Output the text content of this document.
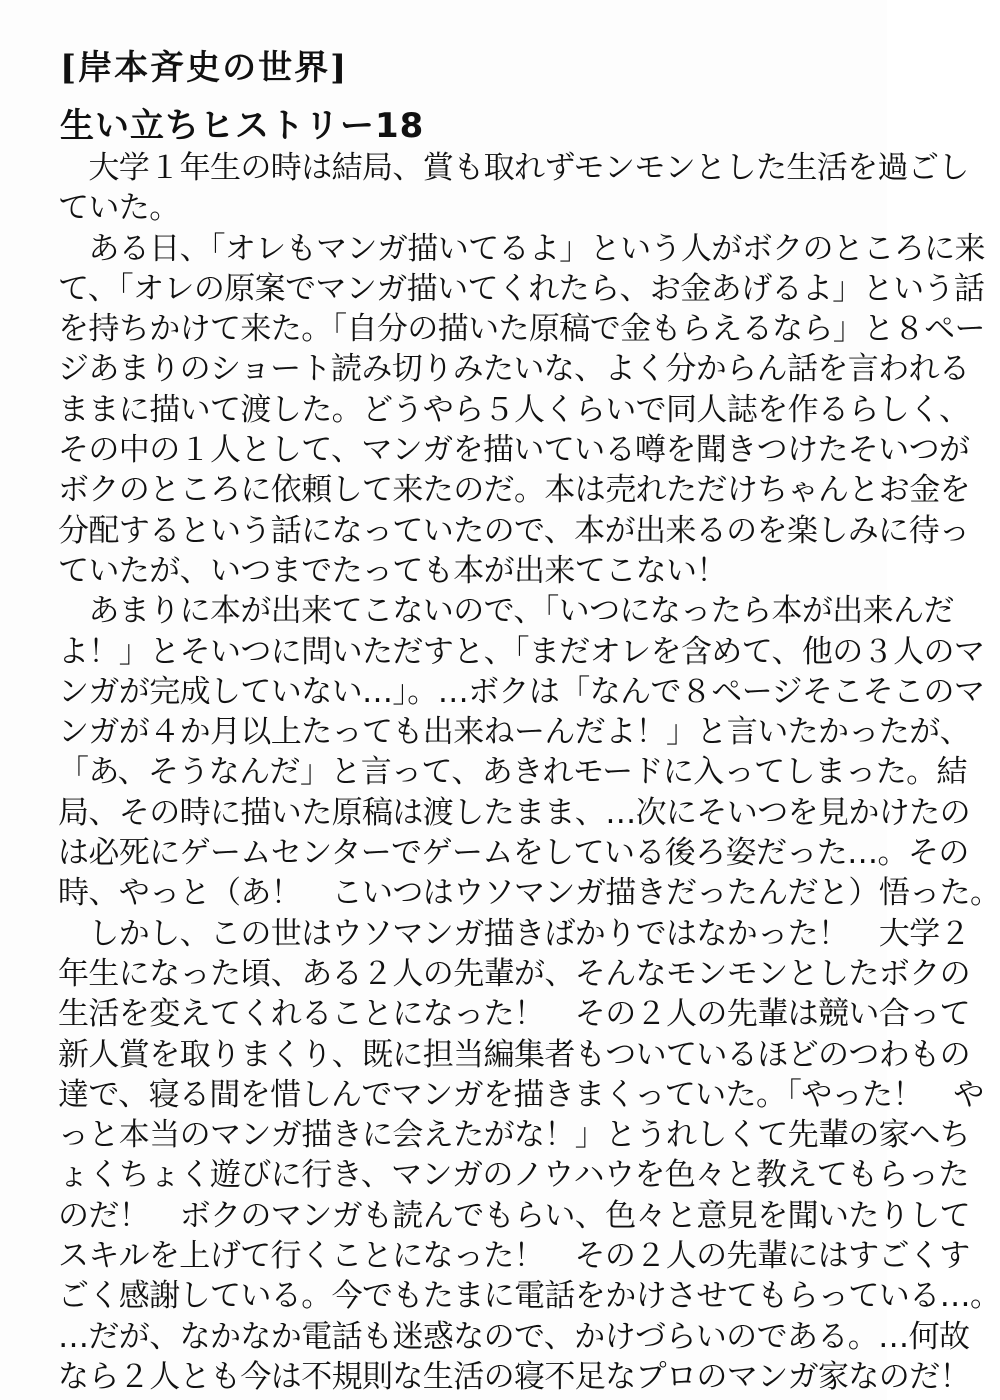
[岸本斉史の世界]
生い立ちヒストリー18
　大学１年生の時は結局、賞も取れずモンモンとした生活を過ごし
ていた。
　ある日、「オレもマンガ描いてるよ」という人がボクのところに来
て、「オレの原案でマンガ描いてくれたら、お金あげるよ」という話
を持ちかけて来た。「自分の描いた原稿で金もらえるなら」と８ペー
ジあまりのショート読み切りみたいな、よく分からん話を言われる
ままに描いて渡した。どうやら５人くらいで同人誌を作るらしく、
その中の１人として、マンガを描いている噂を聞きつけたそいつが
ボクのところに依頼して来たのだ。本は売れただけちゃんとお金を
分配するという話になっていたので、本が出来るのを楽しみに待っ
ていたが、いつまでたっても本が出来てこない！
　あまりに本が出来てこないので、「いつになったら本が出来んだ
よ！」とそいつに問いただすと、「まだオレを含めて、他の３人のマ
ンガが完成していない…」。…ボクは「なんで８ページそこそこのマ
ンガが４か月以上たっても出来ねーんだよ！」と言いたかったが、
「あ、そうなんだ」と言って、あきれモードに入ってしまった。結
局、その時に描いた原稿は渡したまま、…次にそいつを見かけたの
は必死にゲームセンターでゲームをしている後ろ姿だった…。その
時、やっと（あ！　こいつはウソマンガ描きだったんだと）悟った。
　しかし、この世はウソマンガ描きばかりではなかった！　大学２
年生になった頃、ある２人の先輩が、そんなモンモンとしたボクの
生活を変えてくれることになった！　その２人の先輩は競い合って
新人賞を取りまくり、既に担当編集者もついているほどのつわもの
達で、寝る間を惜しんでマンガを描きまくっていた。「やった！　や
っと本当のマンガ描きに会えたがな！」とうれしくて先輩の家へち
ょくちょく遊びに行き、マンガのノウハウを色々と教えてもらった
のだ！　ボクのマンガも読んでもらい、色々と意見を聞いたりして
スキルを上げて行くことになった！　その２人の先輩にはすごくす
ごく感謝している。今でもたまに電話をかけさせてもらっている…。
…だが、なかなか電話も迷惑なので、かけづらいのである。…何故
なら２人とも今は不規則な生活の寝不足なプロのマンガ家なのだ！
